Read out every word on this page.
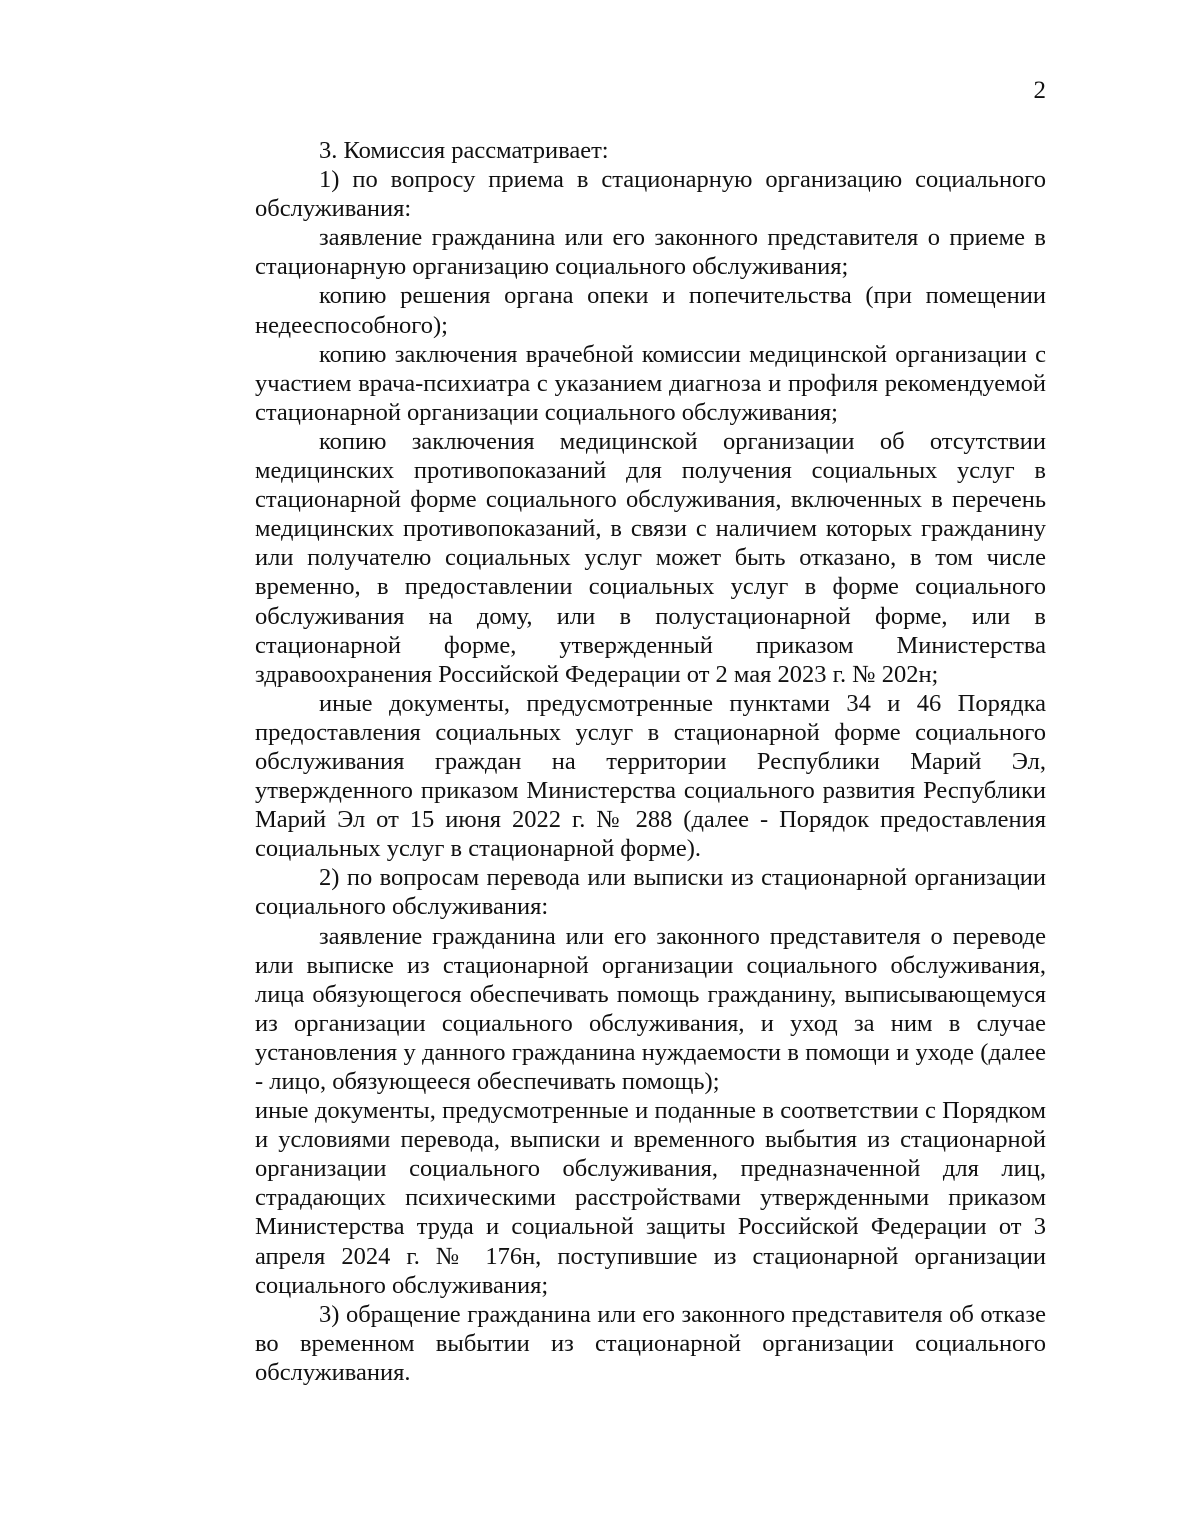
2

3. Комиссия рассматривает:

1) по вопросу приема в стационарную организацию социального обслуживания:

заявление гражданина или его законного представителя о приеме в стационарную организацию социального обслуживания;

копию решения органа опеки и попечительства (при помещении недееспособного);

копию заключения врачебной комиссии медицинской организации с участием врача-психиатра с указанием диагноза и профиля рекомендуемой стационарной организации социального обслуживания;

копию заключения медицинской организации об отсутствии медицинских противопоказаний для получения социальных услуг в стационарной форме социального обслуживания, включенных в перечень медицинских противопоказаний, в связи с наличием которых гражданину или получателю социальных услуг может быть отказано, в том числе временно, в предоставлении социальных услуг в форме социального обслуживания на дому, или в полустационарной форме, или в стационарной форме, утвержденный приказом Министерства здравоохранения Российской Федерации от 2 мая 2023 г. № 202н;

иные документы, предусмотренные пунктами 34 и 46 Порядка предоставления социальных услуг в стационарной форме социального обслуживания граждан на территории Республики Марий Эл, утвержденного приказом Министерства социального развития Республики Марий Эл от 15 июня 2022 г. № 288 (далее - Порядок предоставления социальных услуг в стационарной форме).

2) по вопросам перевода или выписки из стационарной организации социального обслуживания:

заявление гражданина или его законного представителя о переводе или выписке из стационарной организации социального обслуживания, лица обязующегося обеспечивать помощь гражданину, выписывающемуся из организации социального обслуживания, и уход за ним в случае установления у данного гражданина нуждаемости в помощи и уходе (далее - лицо, обязующееся обеспечивать помощь);

иные документы, предусмотренные и поданные в соответствии с Порядком и условиями перевода, выписки и временного выбытия из стационарной организации социального обслуживания, предназначенной для лиц, страдающих психическими расстройствами утвержденными приказом Министерства труда и социальной защиты Российской Федерации от 3 апреля 2024 г. № 176н, поступившие из стационарной организации социального обслуживания;

3) обращение гражданина или его законного представителя об отказе во временном выбытии из стационарной организации социального обслуживания.
